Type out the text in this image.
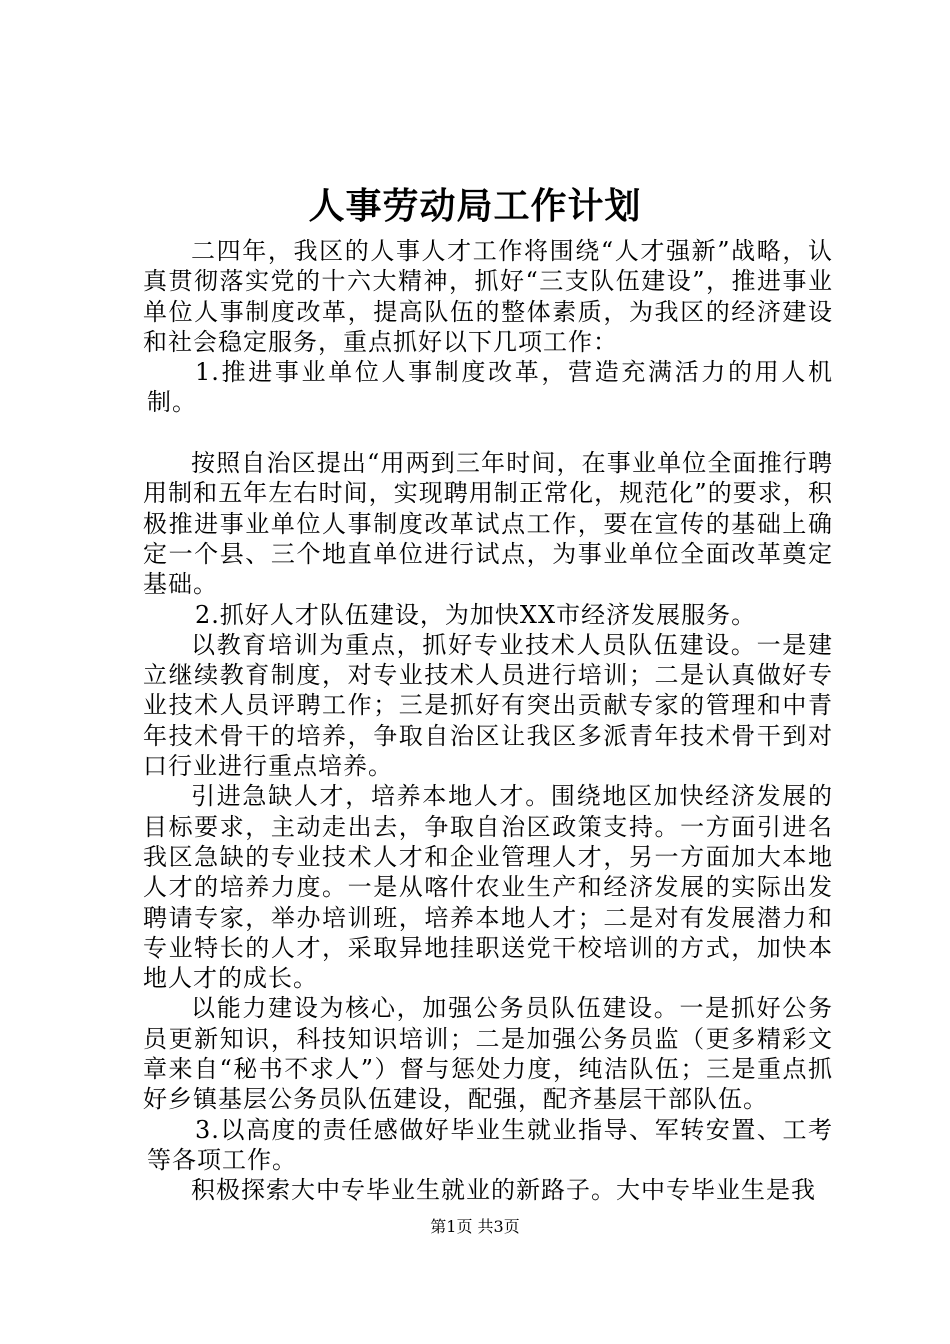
人事劳动局工作计划

二四年，我区的人事人才工作将围绕“人才强新”战略，认真贯彻落实党的十六大精神，抓好“三支队伍建设”，推进事业单位人事制度改革，提高队伍的整体素质，为我区的经济建设和社会稳定服务，重点抓好以下几项工作：

1.推进事业单位人事制度改革，营造充满活力的用人机制。

按照自治区提出“用两到三年时间，在事业单位全面推行聘用制和五年左右时间，实现聘用制正常化，规范化”的要求，积极推进事业单位人事制度改革试点工作，要在宣传的基础上确定一个县、三个地直单位进行试点，为事业单位全面改革奠定基础。

2.抓好人才队伍建设，为加快XX市经济发展服务。

以教育培训为重点，抓好专业技术人员队伍建设。一是建立继续教育制度，对专业技术人员进行培训；二是认真做好专业技术人员评聘工作；三是抓好有突出贡献专家的管理和中青年技术骨干的培养，争取自治区让我区多派青年技术骨干到对口行业进行重点培养。

引进急缺人才，培养本地人才。围绕地区加快经济发展的目标要求，主动走出去，争取自治区政策支持。一方面引进名我区急缺的专业技术人才和企业管理人才，另一方面加大本地人才的培养力度。一是从喀什农业生产和经济发展的实际出发聘请专家，举办培训班，培养本地人才；二是对有发展潜力和专业特长的人才，采取异地挂职送党干校培训的方式，加快本地人才的成长。

以能力建设为核心，加强公务员队伍建设。一是抓好公务员更新知识，科技知识培训；二是加强公务员监（更多精彩文章来自“秘书不求人”）督与惩处力度，纯洁队伍；三是重点抓好乡镇基层公务员队伍建设，配强，配齐基层干部队伍。

3.以高度的责任感做好毕业生就业指导、军转安置、工考等各项工作。

积极探索大中专毕业生就业的新路子。大中专毕业生是我

第1页 共3页
